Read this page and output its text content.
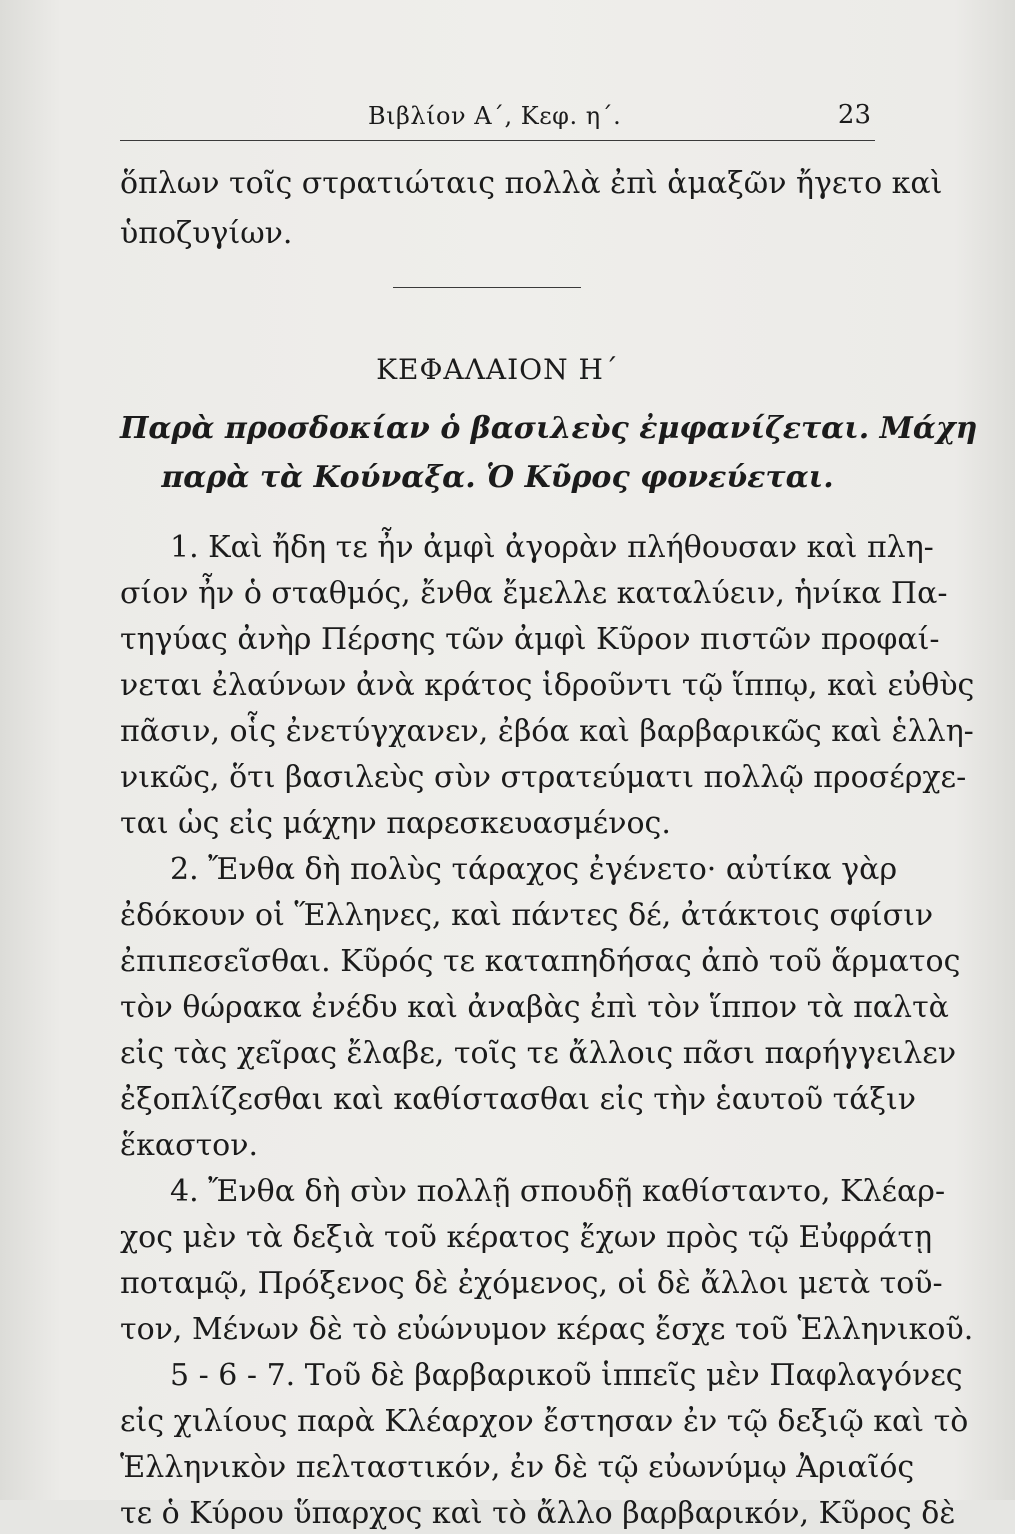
Βιβλίον Α΄, Κεφ. η΄.	23
ὅπλων τοῖς στρατιώταις πολλὰ ἐπὶ ἁμαξῶν ἤγετο καὶ
ὑποζυγίων.
ΚΕΦΑΛΑΙΟΝ Η΄
Παρὰ προσδοκίαν ὁ βασιλεὺς ἐμφανίζεται. Μάχη
παρὰ τὰ Κούναξα. Ὁ Κῦρος φονεύεται.
1. Καὶ ἤδη τε ἦν ἀμφὶ ἀγορὰν πλήθουσαν καὶ πλη-
σίον ἦν ὁ σταθμός, ἔνθα ἔμελλε καταλύειν, ἡνίκα Πα-
τηγύας ἀνὴρ Πέρσης τῶν ἀμφὶ Κῦρον πιστῶν προφαί-
νεται ἐλαύνων ἀνὰ κράτος ἱδροῦντι τῷ ἵππῳ, καὶ εὐθὺς
πᾶσιν, οἷς ἐνετύγχανεν, ἐβόα καὶ βαρβαρικῶς καὶ ἑλλη-
νικῶς, ὅτι βασιλεὺς σὺν στρατεύματι πολλῷ προσέρχε-
ται ὡς εἰς μάχην παρεσκευασμένος.
2. Ἔνθα δὴ πολὺς τάραχος ἐγένετο· αὐτίκα γὰρ
ἐδόκουν οἱ Ἕλληνες, καὶ πάντες δέ, ἀτάκτοις σφίσιν
ἐπιπεσεῖσθαι. Κῦρός τε καταπηδήσας ἀπὸ τοῦ ἅρματος
τὸν θώρακα ἐνέδυ καὶ ἀναβὰς ἐπὶ τὸν ἵππον τὰ παλτὰ
εἰς τὰς χεῖρας ἔλαβε, τοῖς τε ἄλλοις πᾶσι παρήγγειλεν
ἐξοπλίζεσθαι καὶ καθίστασθαι εἰς τὴν ἑαυτοῦ τάξιν
ἕκαστον.
4. Ἔνθα δὴ σὺν πολλῇ σπουδῇ καθίσταντο, Κλέαρ-
χος μὲν τὰ δεξιὰ τοῦ κέρατος ἔχων πρὸς τῷ Εὐφράτῃ
ποταμῷ, Πρόξενος δὲ ἐχόμενος, οἱ δὲ ἄλλοι μετὰ τοῦ-
τον, Μένων δὲ τὸ εὐώνυμον κέρας ἔσχε τοῦ Ἑλληνικοῦ.
5 - 6 - 7. Τοῦ δὲ βαρβαρικοῦ ἱππεῖς μὲν Παφλαγόνες
εἰς χιλίους παρὰ Κλέαρχον ἔστησαν ἐν τῷ δεξιῷ καὶ τὸ
Ἑλληνικὸν πελταστικόν, ἐν δὲ τῷ εὐωνύμῳ Ἀριαῖός
τε ὁ Κύρου ὕπαρχος καὶ τὸ ἄλλο βαρβαρικόν, Κῦρος δὲ
